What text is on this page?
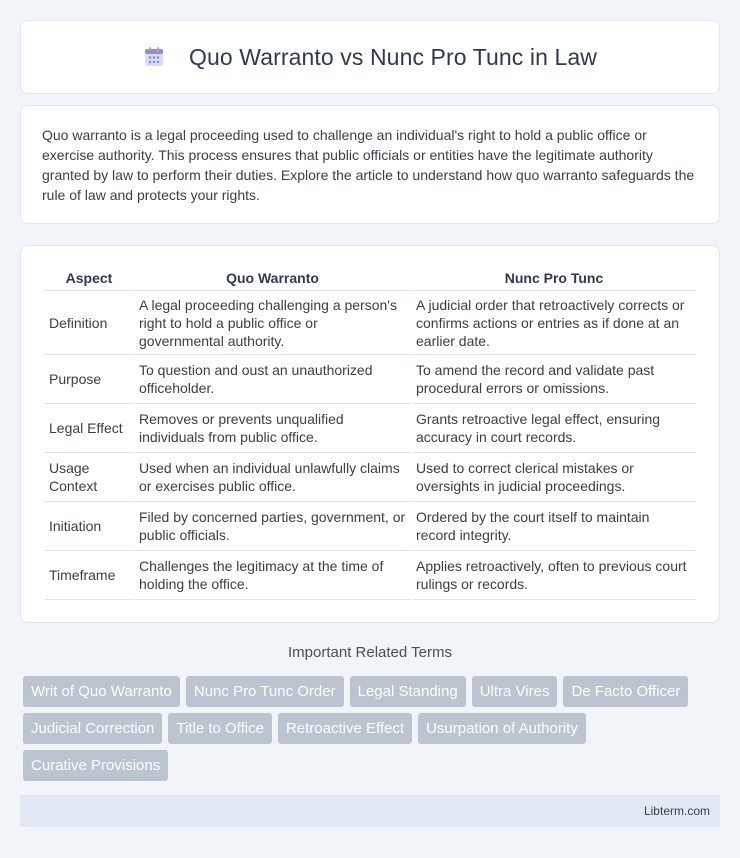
Quo Warranto vs Nunc Pro Tunc in Law

Quo warranto is a legal proceeding used to challenge an individual's right to hold a public office or exercise authority. This process ensures that public officials or entities have the legitimate authority granted by law to perform their duties. Explore the article to understand how quo warranto safeguards the rule of law and protects your rights.

Aspect	Quo Warranto	Nunc Pro Tunc
Definition	A legal proceeding challenging a person's right to hold a public office or governmental authority.	A judicial order that retroactively corrects or confirms actions or entries as if done at an earlier date.
Purpose	To question and oust an unauthorized officeholder.	To amend the record and validate past procedural errors or omissions.
Legal Effect	Removes or prevents unqualified individuals from public office.	Grants retroactive legal effect, ensuring accuracy in court records.
Usage Context	Used when an individual unlawfully claims or exercises public office.	Used to correct clerical mistakes or oversights in judicial proceedings.
Initiation	Filed by concerned parties, government, or public officials.	Ordered by the court itself to maintain record integrity.
Timeframe	Challenges the legitimacy at the time of holding the office.	Applies retroactively, often to previous court rulings or records.
Important Related Terms
Writ of Quo Warranto	Nunc Pro Tunc Order	Legal Standing	Ultra Vires	De Facto Officer
Judicial Correction	Title to Office	Retroactive Effect	Usurpation of Authority
Curative Provisions
Libterm.com
